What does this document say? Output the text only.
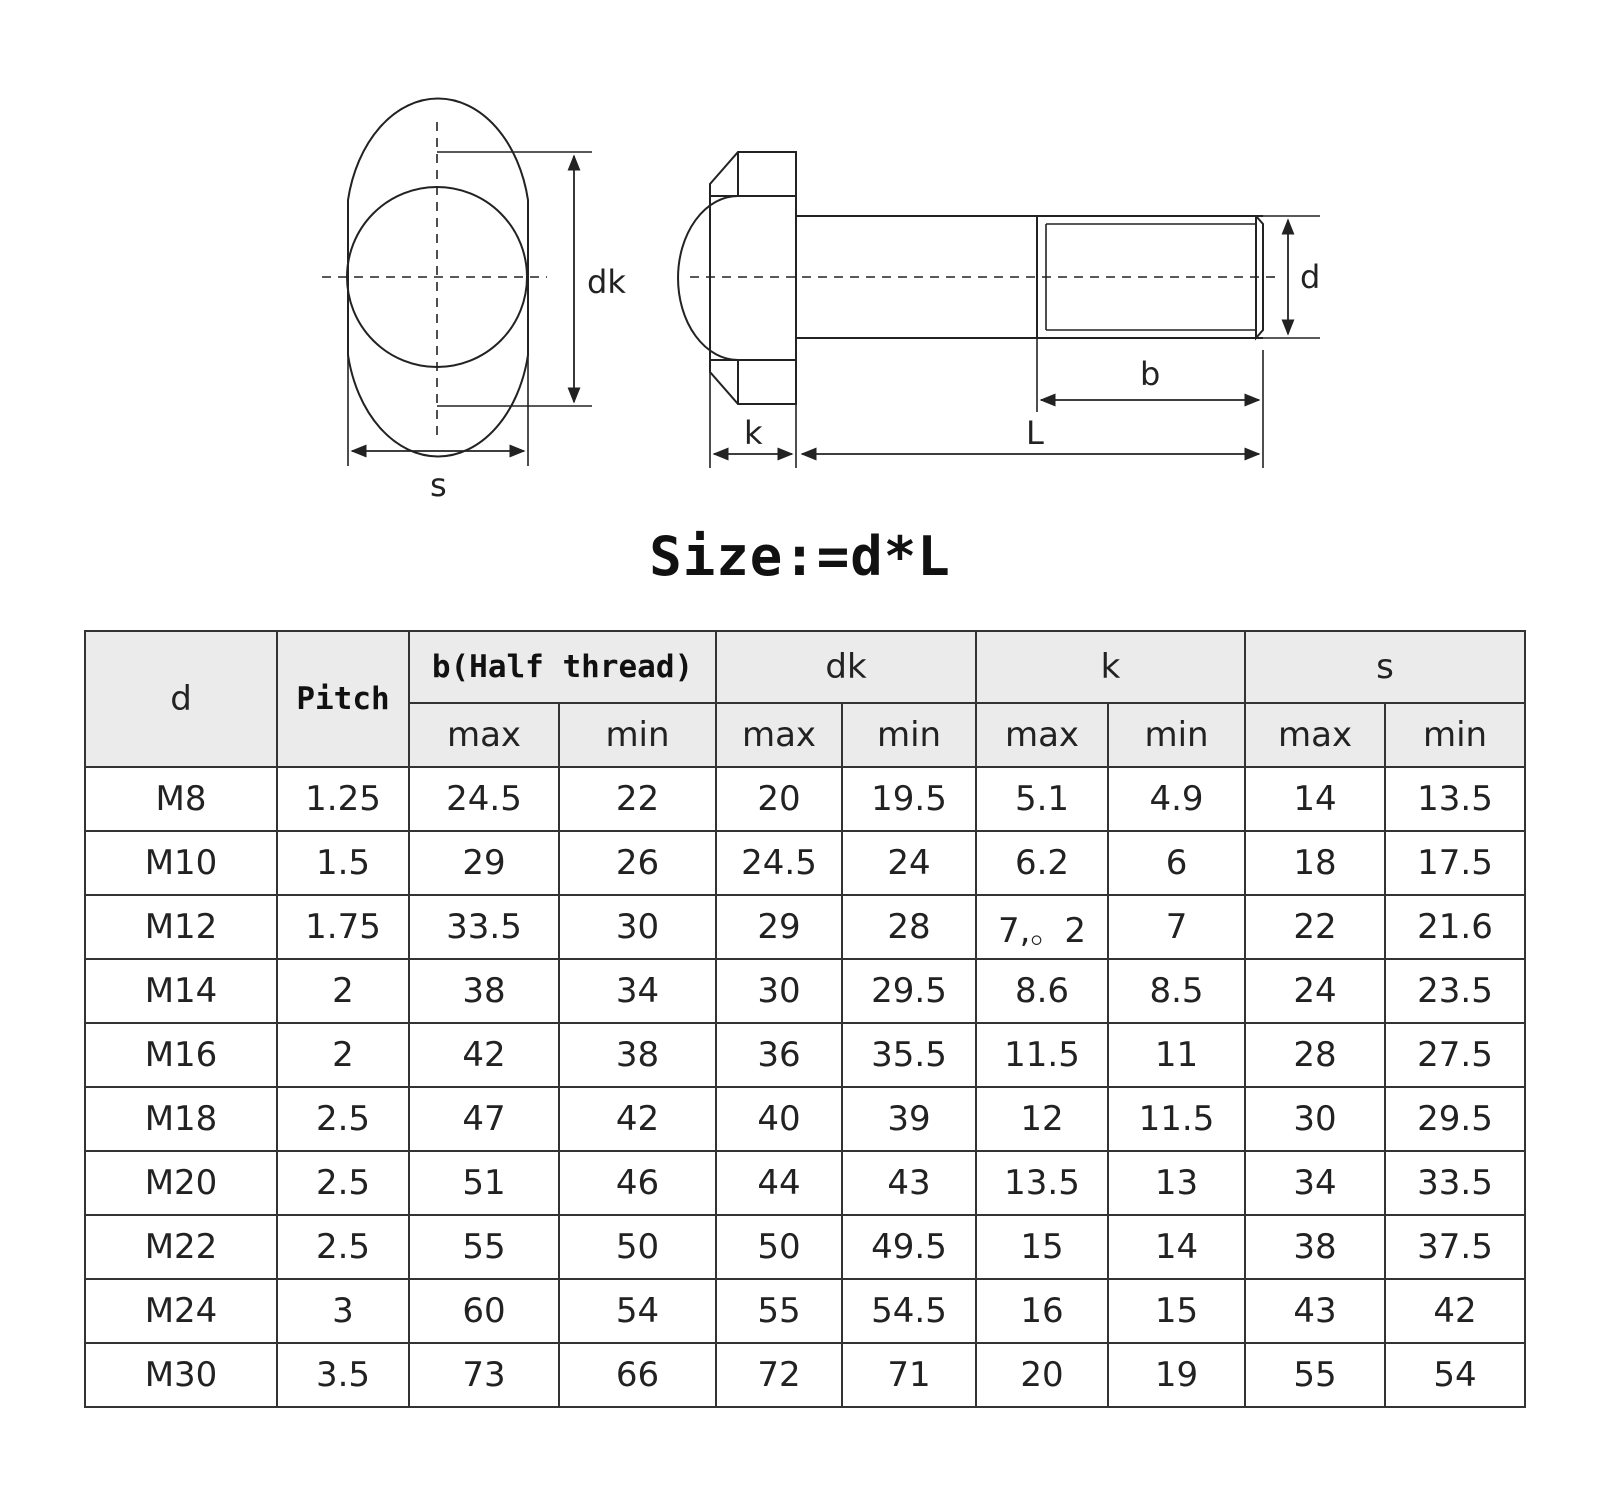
dk
s
d
b
k	L
Size:=d*L
d	Pitch	b(Half thread)		dk		k		s	
		max	min	max	min	max	min	max	min
M8	1.25	24.5	22	20	19.5	5.1	4.9	14	13.5
M10	1.5	29	26	24.5	24	6.2	6	18	17.5
M12	1.75	33.5	30	29	28	7,。2	7	22	21.6
M14	2	38	34	30	29.5	8.6	8.5	24	23.5
M16	2	42	38	36	35.5	11.5	11	28	27.5
M18	2.5	47	42	40	39	12	11.5	30	29.5
M20	2.5	51	46	44	43	13.5	13	34	33.5
M22	2.5	55	50	50	49.5	15	14	38	37.5
M24	3	60	54	55	54.5	16	15	43	42
M30	3.5	73	66	72	71	20	19	55	54
